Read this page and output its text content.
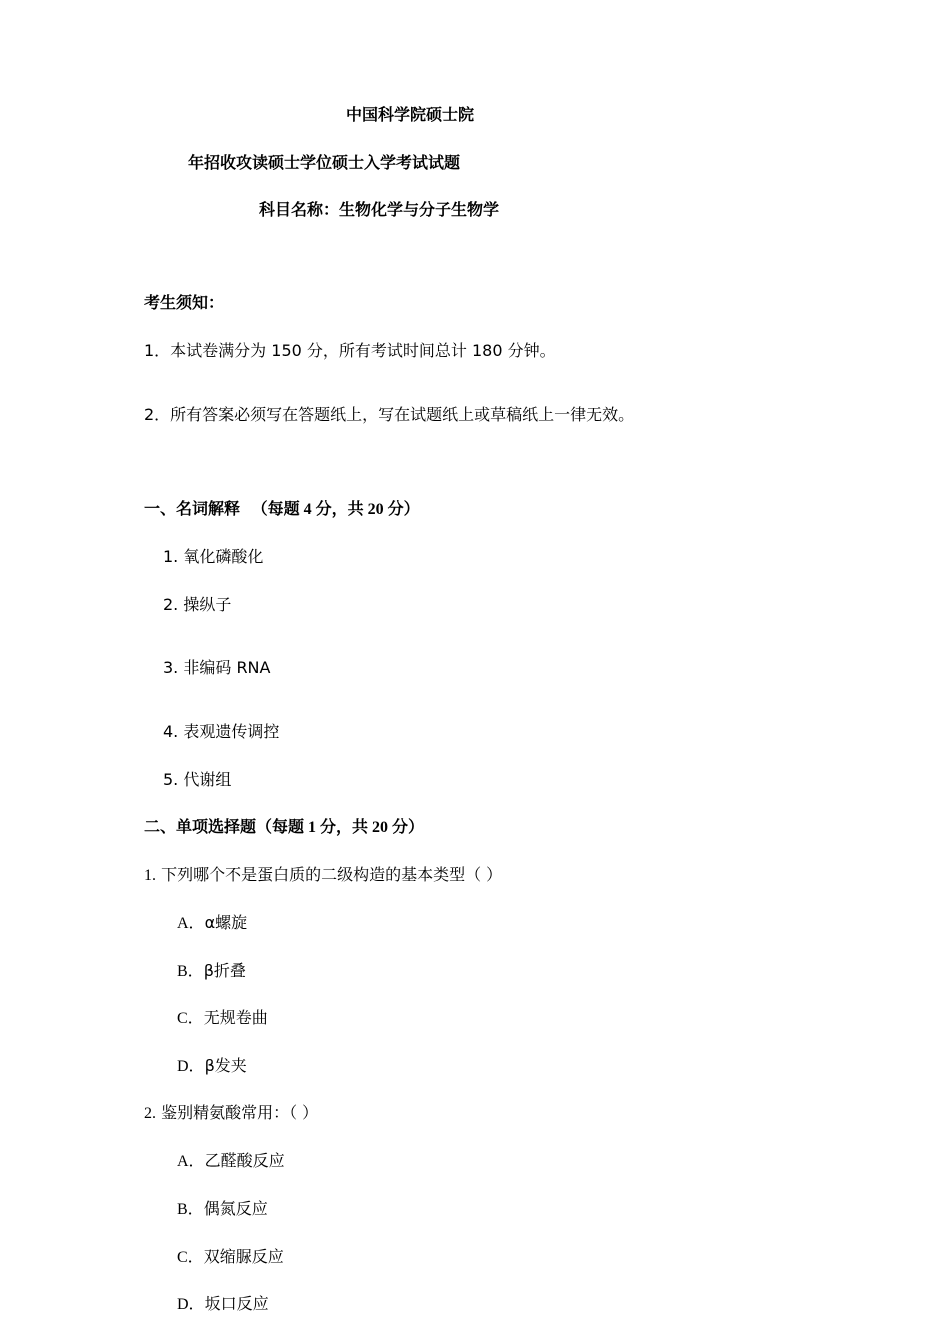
中国科学院硕士院
年招收攻读硕士学位硕士入学考试试题
科目名称：生物化学与分子生物学
考生须知：
1．本试卷满分为 150 分，所有考试时间总计 180 分钟。
2．所有答案必须写在答题纸上，写在试题纸上或草稿纸上一律无效。
一、名词解释 （每题 4 分，共 20 分）
1. 氧化磷酸化
2. 操纵子
3. 非编码 RNA
4. 表观遗传调控
5. 代谢组
二、单项选择题（每题 1 分，共 20 分）
1. 下列哪个不是蛋白质的二级构造的基本类型（ ）
A．α螺旋
B．β折叠
C．无规卷曲
D．β发夹
2. 鉴别精氨酸常用：（ ）
A．乙醛酸反应
B．偶氮反应
C．双缩脲反应
D．坂口反应
